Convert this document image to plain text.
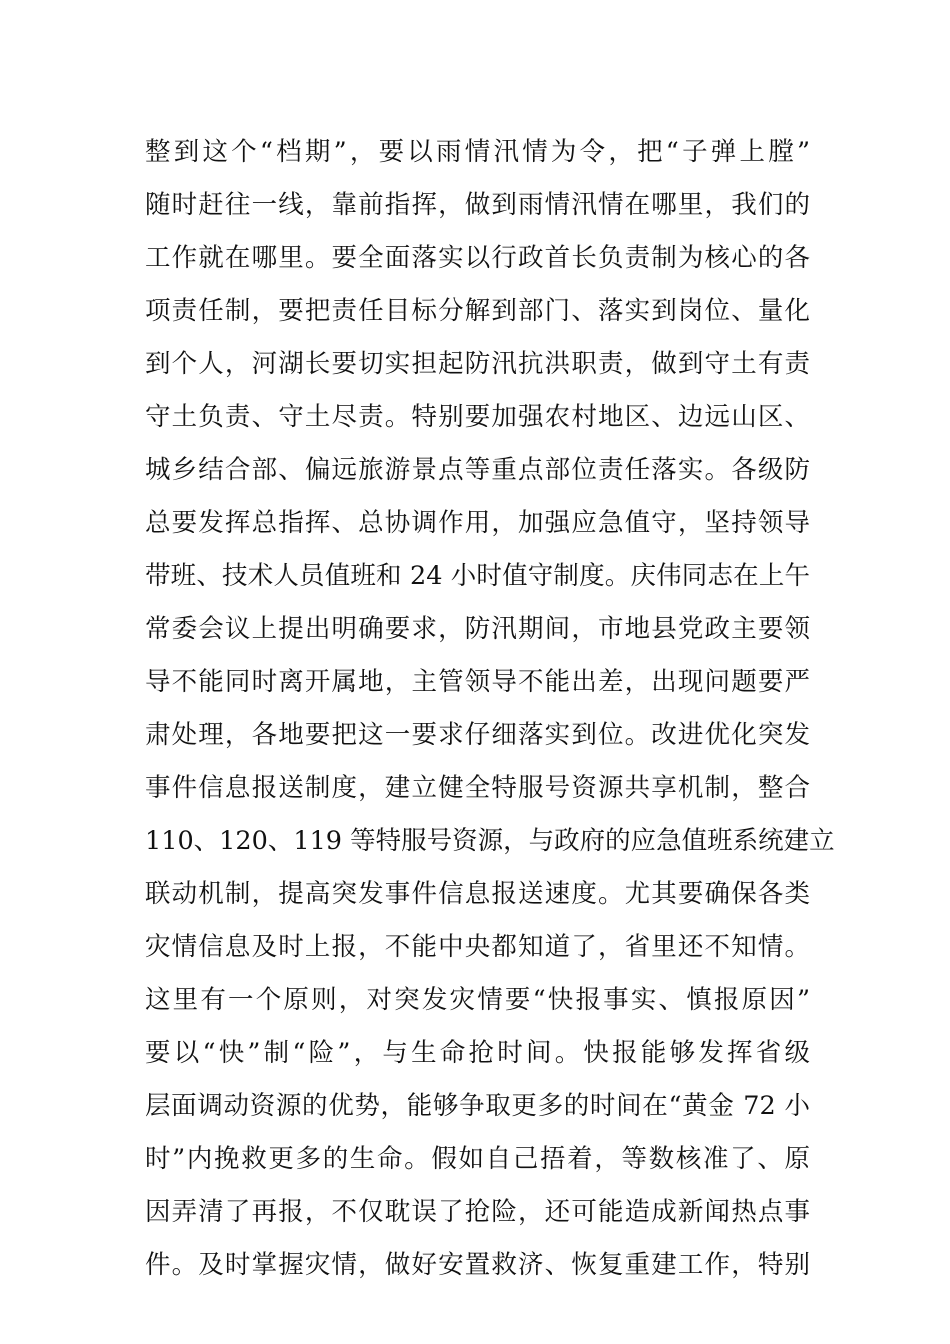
整到这个“档期”，要以雨情汛情为令，把“子弹上膛”
随时赶往一线，靠前指挥，做到雨情汛情在哪里，我们的
工作就在哪里。要全面落实以行政首长负责制为核心的各
项责任制，要把责任目标分解到部门、落实到岗位、量化
到个人，河湖长要切实担起防汛抗洪职责，做到守土有责
守土负责、守土尽责。特别要加强农村地区、边远山区、
城乡结合部、偏远旅游景点等重点部位责任落实。各级防
总要发挥总指挥、总协调作用，加强应急值守，坚持领导
带班、技术人员值班和 24 小时值守制度。庆伟同志在上午
常委会议上提出明确要求，防汛期间，市地县党政主要领
导不能同时离开属地，主管领导不能出差，出现问题要严
肃处理，各地要把这一要求仔细落实到位。改进优化突发
事件信息报送制度，建立健全特服号资源共享机制，整合
110、120、119 等特服号资源，与政府的应急值班系统建立
联动机制，提高突发事件信息报送速度。尤其要确保各类
灾情信息及时上报，不能中央都知道了，省里还不知情。
这里有一个原则，对突发灾情要“快报事实、慎报原因”
要以“快”制“险”，与生命抢时间。快报能够发挥省级
层面调动资源的优势，能够争取更多的时间在“黄金 72 小
时”内挽救更多的生命。假如自己捂着，等数核准了、原
因弄清了再报，不仅耽误了抢险，还可能造成新闻热点事
件。及时掌握灾情，做好安置救济、恢复重建工作，特别
